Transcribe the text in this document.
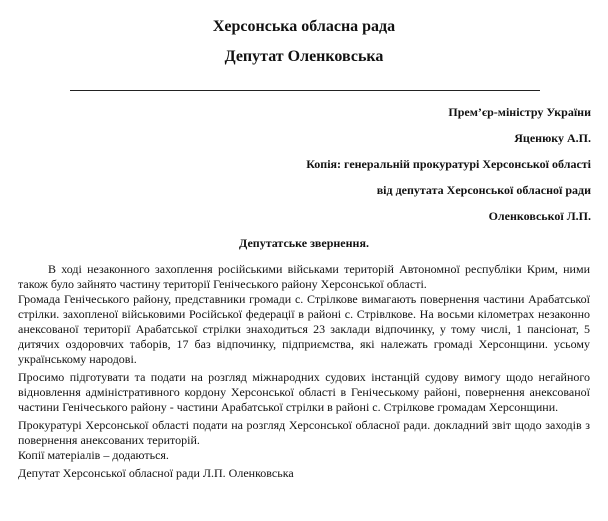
Херсонська обласна рада
Депутат Оленковська
Прем’єр-міністру України
Яценюку А.П.
Копія: генеральній прокуратурі Херсонської області
від депутата Херсонської обласної ради
Оленковської Л.П.
Депутатське звернення.

В ході незаконного захоплення російськими військами територій Автономної республіки Крим, ними також було зайнято частину території Генічеського району Херсонської області.

Громада Генічеського району, представники громади с. Стрілкове вимагають повернення частини Арабатської стрілки. захопленої військовими Російської федерації в районі с. Стрівлкове. На восьми кілометрах незаконно анексованої території Арабатської стрілки знаходиться 23 заклади відпочинку, у тому числі, 1 пансіонат, 5 дитячих оздоровчих таборів, 17 баз відпочинку, підприємства, які належать громаді Херсонщини. усьому українському народові.

Просимо підготувати та подати на розгляд міжнародних судових інстанцій судову вимогу щодо негайного відновлення адміністративного кордону Херсонської області в Генічеському районі, повернення анексованої частини Генічеського району - частини Арабатської стрілки в районі с. Стрілкове громадам Херсонщини.

Прокуратурі Херсонської області подати на розгляд Херсонської обласної ради. докладний звіт щодо заходів з повернення анексованих територій.

Копії матеріалів – додаються.

Депутат Херсонської обласної ради Л.П. Оленковська
